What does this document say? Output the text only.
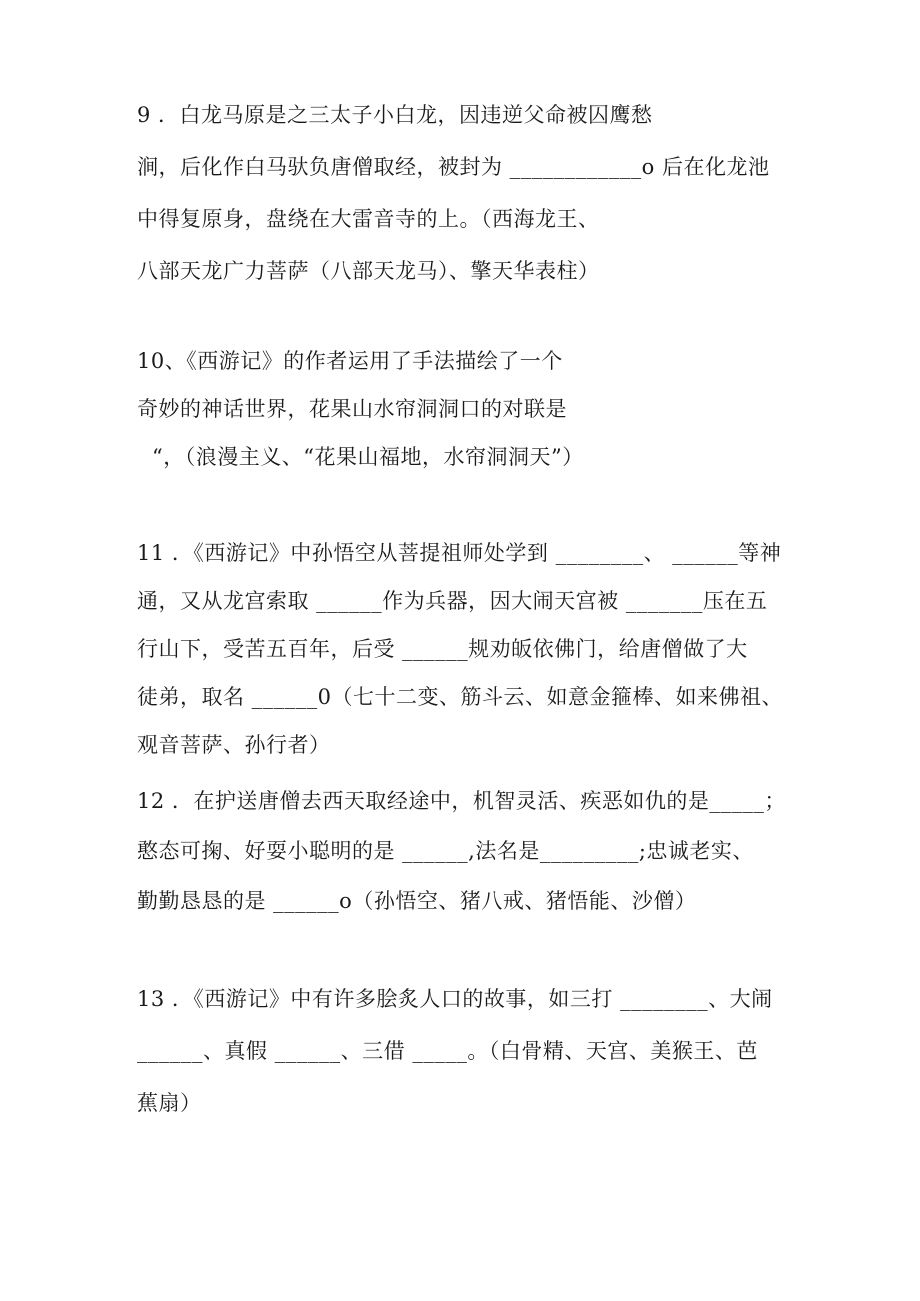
9 ．白龙马原是之三太子小白龙，因违逆父命被囚鹰愁
涧，后化作白马驮负唐僧取经，被封为 ____________o 后在化龙池
中得复原身，盘绕在大雷音寺的上。（西海龙王、
八部天龙广力菩萨（八部天龙马）、擎天华表柱）
10、《西游记》的作者运用了手法描绘了一个
奇妙的神话世界，花果山水帘洞洞口的对联是
“，（浪漫主义、“花果山福地，水帘洞洞天”）
11 ．《西游记》中孙悟空从菩提祖师处学到 ________、 ______等神
通，又从龙宫索取 ______作为兵器，因大闹天宫被 _______压在五
行山下，受苦五百年，后受 ______规劝皈依佛门，给唐僧做了大
徒弟，取名 ______0（七十二变、筋斗云、如意金箍棒、如来佛祖、
观音菩萨、孙行者）
12 ．在护送唐僧去西天取经途中，机智灵活、疾恶如仇的是_____；
憨态可掬、好耍小聪明的是 ______,法名是_________;忠诚老实、
勤勤恳恳的是 ______o（孙悟空、猪八戒、猪悟能、沙僧）
13 ．《西游记》中有许多脍炙人口的故事，如三打 ________、大闹
______、真假 ______、三借 _____。（白骨精、天宫、美猴王、芭
蕉扇）
